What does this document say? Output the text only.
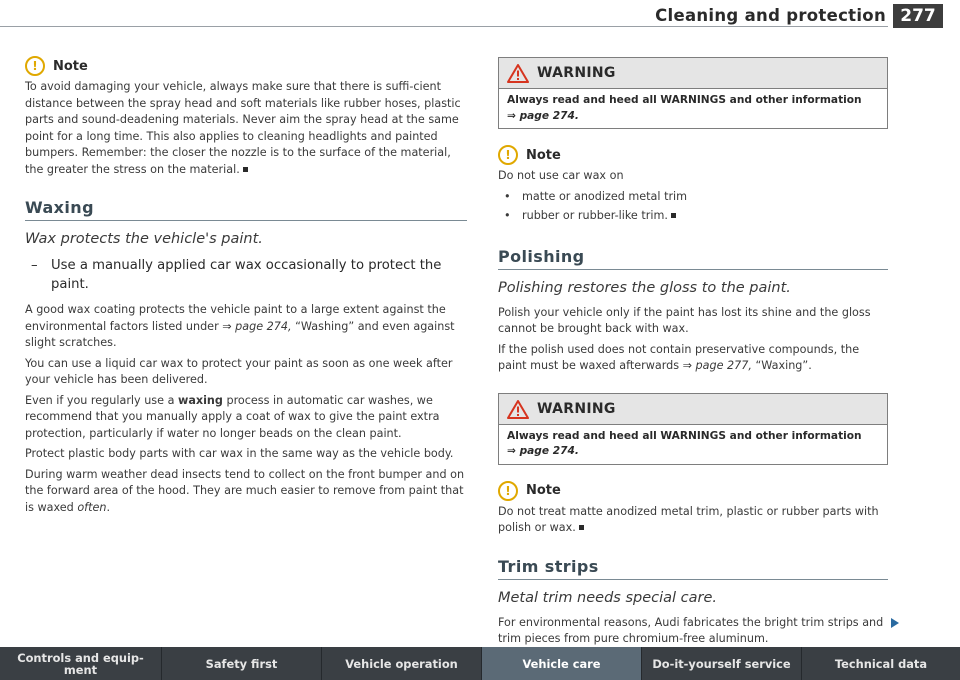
Cleaning and protection 277
!	Note

To avoid damaging your vehicle, always make sure that there is suffi-cient distance between the spray head and soft materials like rubber hoses, plastic parts and sound-deadening materials. Never aim the spray head at the same point for a long time. This also applies to cleaning headlights and painted bumpers. Remember: the closer the nozzle is to the surface of the material, the greater the stress on the material.

Waxing
Wax protects the vehicle's paint.
–	Use a manually applied car wax occasionally to protect the paint.

A good wax coating protects the vehicle paint to a large extent against the environmental factors listed under ⇒ page 274, “Washing” and even against slight scratches.

You can use a liquid car wax to protect your paint as soon as one week after your vehicle has been delivered.

Even if you regularly use a waxing process in automatic car washes, we recommend that you manually apply a coat of wax to give the paint extra protection, particularly if water no longer beads on the clean paint.

Protect plastic body parts with car wax in the same way as the vehicle body.

During warm weather dead insects tend to collect on the front bumper and on the forward area of the hood. They are much easier to remove from paint that is waxed often.

WARNING
Always read and heed all WARNINGS and other information
⇒ page 274.
!	Note

Do not use car wax on

•	matte or anodized metal trim
•	rubber or rubber-like trim.
Polishing
Polishing restores the gloss to the paint.

Polish your vehicle only if the paint has lost its shine and the gloss cannot be brought back with wax.

If the polish used does not contain preservative compounds, the paint must be waxed afterwards ⇒ page 277, “Waxing”.

WARNING
Always read and heed all WARNINGS and other information
⇒ page 274.
!	Note

Do not treat matte anodized metal trim, plastic or rubber parts with polish or wax.

Trim strips
Metal trim needs special care.

For environmental reasons, Audi fabricates the bright trim strips and trim pieces from pure chromium-free aluminum.

Controls and equip-
ment	Safety first	Vehicle operation	Vehicle care	Do-it-yourself service	Technical data
